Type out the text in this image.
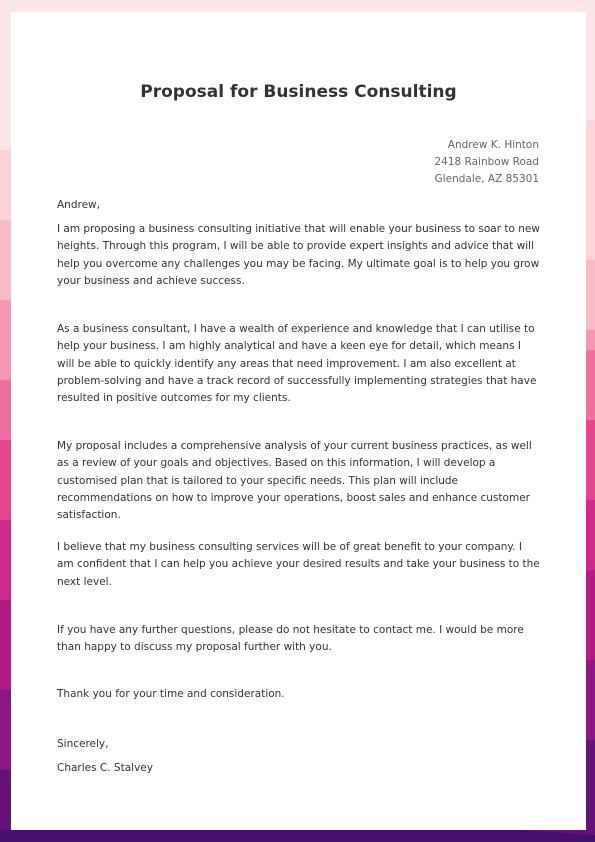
Proposal for Business Consulting
Andrew K. Hinton
2418 Rainbow Road
Glendale, AZ 85301
Andrew,

I am proposing a business consulting initiative that will enable your business to soar to new heights. Through this program, I will be able to provide expert insights and advice that will help you overcome any challenges you may be facing. My ultimate goal is to help you grow your business and achieve success.

As a business consultant, I have a wealth of experience and knowledge that I can utilise to help your business. I am highly analytical and have a keen eye for detail, which means I will be able to quickly identify any areas that need improvement. I am also excellent at problem-solving and have a track record of successfully implementing strategies that have resulted in positive outcomes for my clients.

My proposal includes a comprehensive analysis of your current business practices, as well as a review of your goals and objectives. Based on this information, I will develop a customised plan that is tailored to your specific needs. This plan will include recommendations on how to improve your operations, boost sales and enhance customer satisfaction.

I believe that my business consulting services will be of great benefit to your company. I am confident that I can help you achieve your desired results and take your business to the next level.

If you have any further questions, please do not hesitate to contact me. I would be more than happy to discuss my proposal further with you.

Thank you for your time and consideration.

Sincerely,
Charles C. Stalvey
